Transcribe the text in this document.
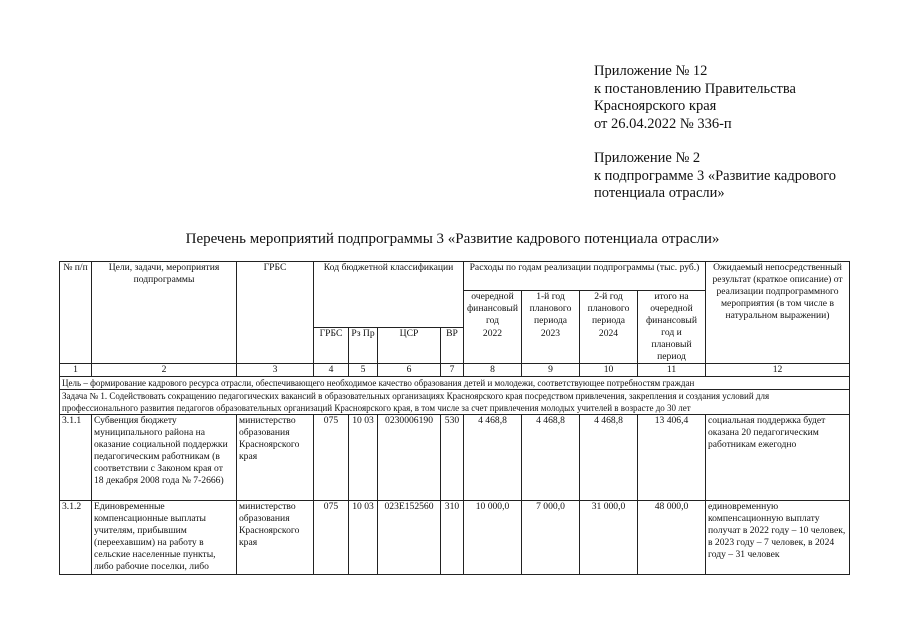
Приложение № 12
к постановлению Правительства
Красноярского края
от 26.04.2022 № 336-п
Приложение № 2
к подпрограмме 3 «Развитие кадрового
потенциала отрасли»
Перечень мероприятий подпрограммы 3 «Развитие кадрового потенциала отрасли»
№ п/п	Цели, задачи, мероприятия подпрограммы	ГРБС	Код бюджетной классификации				Расходы по годам реализации подпрограммы (тыс. руб.)				Ожидаемый непосредственный результат (краткое описание) от реализации подпрограммного мероприятия (в том числе в натуральном выражении)
							очередной финансовый год	1-й год планового периода	2-й год планового периода	итого на очередной финансовый год и плановый период	
			ГРБС	Рз Пр	ЦСР	ВР	2022	2023	2024		
1	2	3	4	5	6	7	8	9	10	11	12
Цель – формирование кадрового ресурса отрасли, обеспечивающего необходимое качество образования детей и молодежи, соответствующее потребностям граждан											
Задача № 1. Содействовать сокращению педагогических вакансий в образовательных организациях Красноярского края посредством привлечения, закрепления и создания условий для профессионального развития педагогов образовательных организаций Красноярского края, в том числе за счет привлечения молодых учителей в возрасте до 30 лет											
3.1.1	Субвенция бюджету муниципального района на оказание социальной поддержки педагогическим работникам (в соответствии с Законом края от 18 декабря 2008 года № 7-2666)	министерство образования Красноярского края	075	10 03	0230006190	530	4 468,8	4 468,8	4 468,8	13 406,4	социальная поддержка будет оказана 20 педагогическим работникам ежегодно
3.1.2	Единовременные компенсационные выплаты учителям, прибывшим (переехавшим) на работу в сельские населенные пункты, либо рабочие поселки, либо	министерство образования Красноярского края	075	10 03	023Е152560	310	10 000,0	7 000,0	31 000,0	48 000,0	единовременную компенсационную выплату получат в 2022 году – 10 человек, в 2023 году – 7 человек, в 2024 году – 31 человек
